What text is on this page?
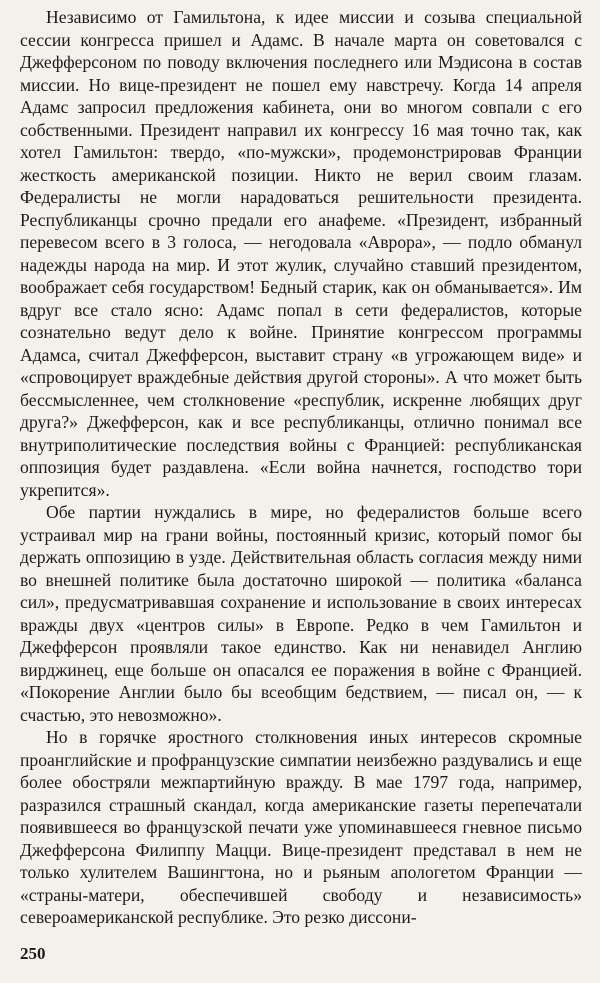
Независимо от Гамильтона, к идее миссии и созыва специальной сессии конгресса пришел и Адамс. В начале марта он советовался с Джефферсоном по поводу включения последнего или Мэдисона в состав миссии. Но вице-президент не пошел ему навстречу. Когда 14 апреля Адамс запросил предложения кабинета, они во многом совпали с его собственными. Президент направил их конгрессу 16 мая точно так, как хотел Гамильтон: твердо, «по-мужски», продемонстрировав Франции жесткость американской позиции. Никто не верил своим глазам. Федералисты не могли нарадоваться решительности президента. Республиканцы срочно предали его анафеме. «Президент, избранный перевесом всего в 3 голоса, — негодовала «Аврора», — подло обманул надежды народа на мир. И этот жулик, случайно ставший президентом, воображает себя государством! Бедный старик, как он обманывается». Им вдруг все стало ясно: Адамс попал в сети федералистов, которые сознательно ведут дело к войне. Принятие конгрессом программы Адамса, считал Джефферсон, выставит страну «в угрожающем виде» и «спровоцирует враждебные действия другой стороны». А что может быть бессмысленнее, чем столкновение «республик, искренне любящих друг друга?» Джефферсон, как и все республиканцы, отлично понимал все внутриполитические последствия войны с Францией: республиканская оппозиция будет раздавлена. «Если война начнется, господство тори укрепится».

Обе партии нуждались в мире, но федералистов больше всего устраивал мир на грани войны, постоянный кризис, который помог бы держать оппозицию в узде. Действительная область согласия между ними во внешней политике была достаточно широкой — политика «баланса сил», предусматривавшая сохранение и использование в своих интересах вражды двух «центров силы» в Европе. Редко в чем Гамильтон и Джефферсон проявляли такое единство. Как ни ненавидел Англию вирджинец, еще больше он опасался ее поражения в войне с Францией. «Покорение Англии было бы всеобщим бедствием, — писал он, — к счастью, это невозможно».

Но в горячке яростного столкновения иных интересов скромные проанглийские и профранцузские симпатии неизбежно раздувались и еще более обостряли межпартийную вражду. В мае 1797 года, например, разразился страшный скандал, когда американские газеты перепечатали появившееся во французской печати уже упоминавшееся гневное письмо Джефферсона Филиппу Мацци. Вице-президент представал в нем не только хулителем Вашингтона, но и рьяным апологетом Франции — «страны-матери, обеспечившей свободу и независимость» североамериканской республике. Это резко диссони-

250
